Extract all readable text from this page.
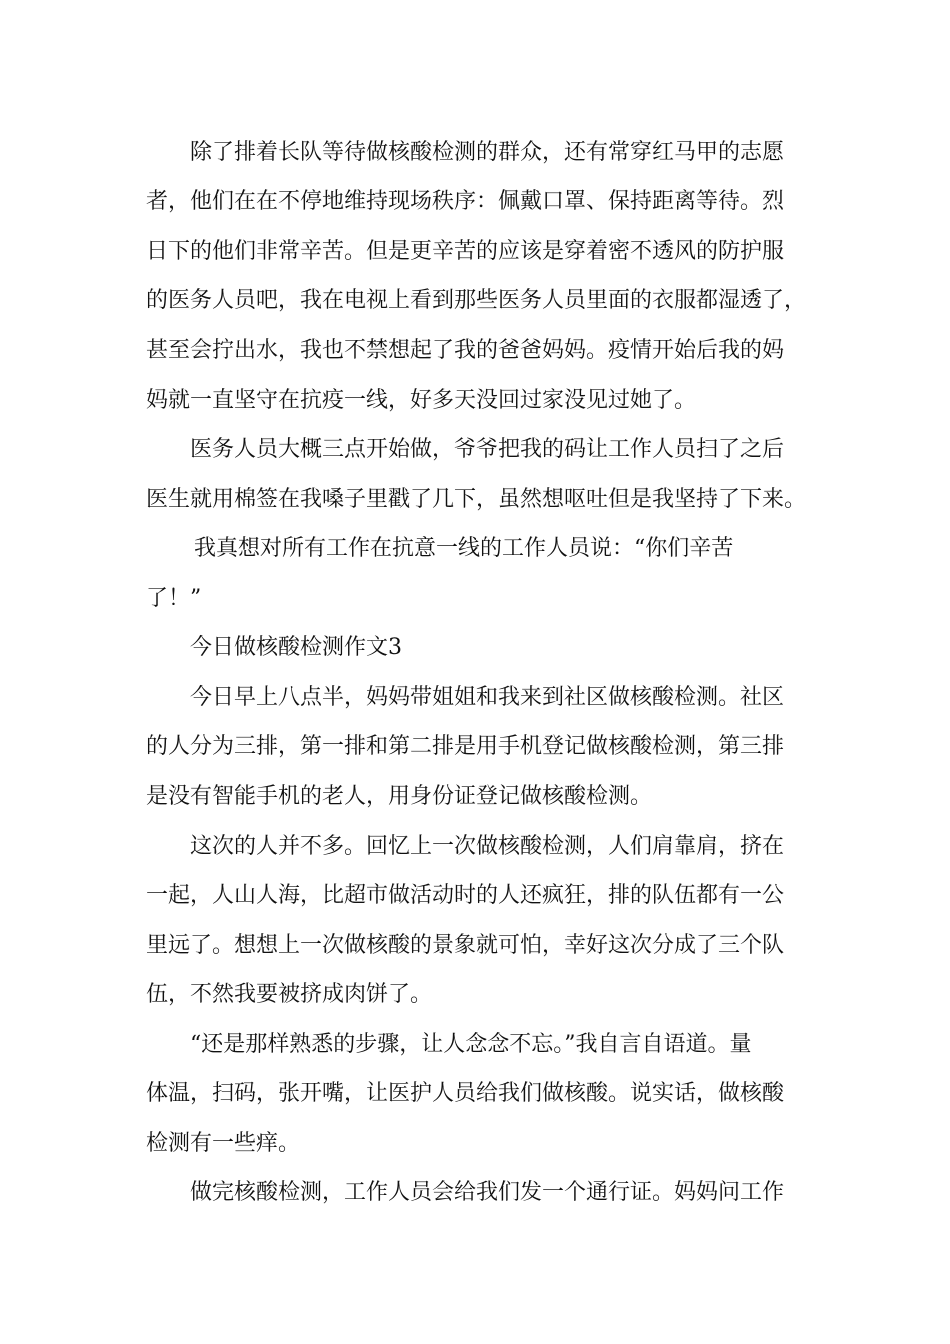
除了排着长队等待做核酸检测的群众，还有常穿红马甲的志愿
者，他们在在不停地维持现场秩序：佩戴口罩、保持距离等待。烈
日下的他们非常辛苦。但是更辛苦的应该是穿着密不透风的防护服
的医务人员吧，我在电视上看到那些医务人员里面的衣服都湿透了，
甚至会拧出水，我也不禁想起了我的爸爸妈妈。疫情开始后我的妈
妈就一直坚守在抗疫一线，好多天没回过家没见过她了。
医务人员大概三点开始做，爷爷把我的码让工作人员扫了之后
医生就用棉签在我嗓子里戳了几下，虽然想呕吐但是我坚持了下来。
我真想对所有工作在抗意一线的工作人员说：“你们辛苦
了！”
今日做核酸检测作文3
今日早上八点半，妈妈带姐姐和我来到社区做核酸检测。社区
的人分为三排，第一排和第二排是用手机登记做核酸检测，第三排
是没有智能手机的老人，用身份证登记做核酸检测。
这次的人并不多。回忆上一次做核酸检测，人们肩靠肩，挤在
一起，人山人海，比超市做活动时的人还疯狂，排的队伍都有一公
里远了。想想上一次做核酸的景象就可怕，幸好这次分成了三个队
伍，不然我要被挤成肉饼了。
“还是那样熟悉的步骤，让人念念不忘。”我自言自语道。量
体温，扫码，张开嘴，让医护人员给我们做核酸。说实话，做核酸
检测有一些痒。
做完核酸检测，工作人员会给我们发一个通行证。妈妈问工作
